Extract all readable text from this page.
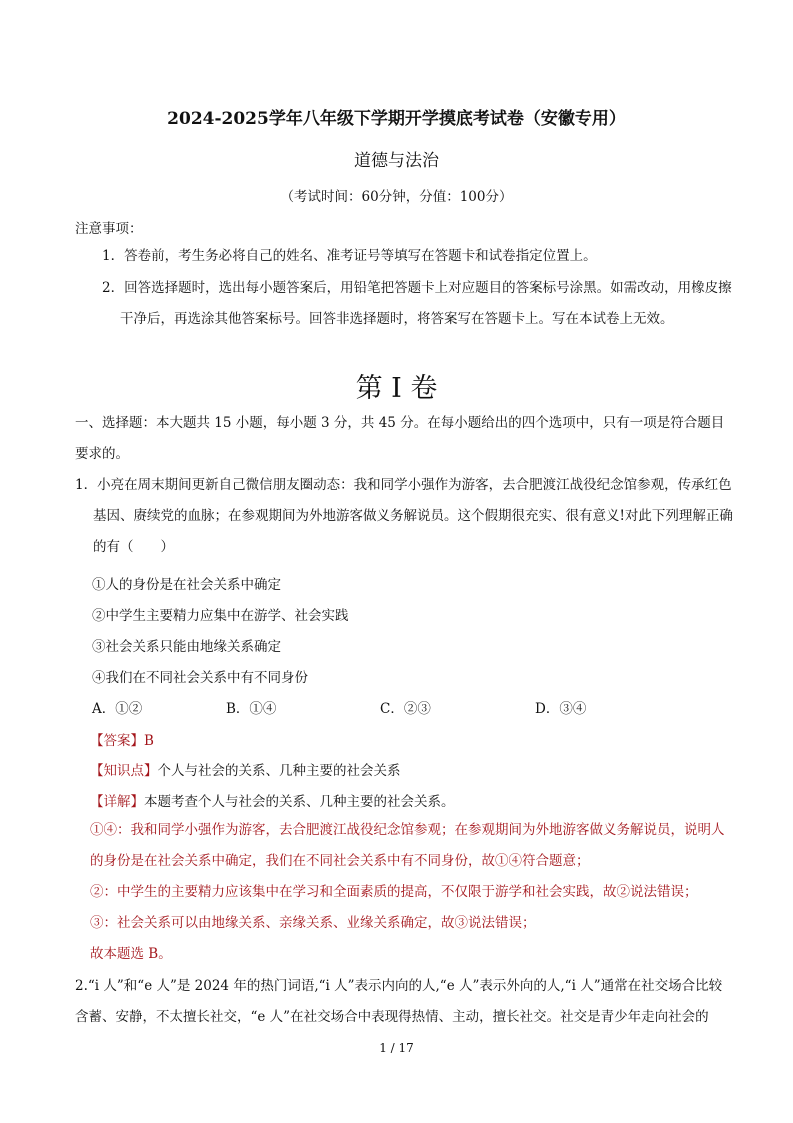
2024-2025学年八年级下学期开学摸底考试卷（安徽专用）
道德与法治
（考试时间：60分钟，分值：100分）
注意事项：
1．答卷前，考生务必将自己的姓名、准考证号等填写在答题卡和试卷指定位置上。
2．回答选择题时，选出每小题答案后，用铅笔把答题卡上对应题目的答案标号涂黑。如需改动，用橡皮擦干净后，再选涂其他答案标号。回答非选择题时，将答案写在答题卡上。写在本试卷上无效。
第 I 卷
一、选择题：本大题共 15 小题，每小题 3 分，共 45 分。在每小题给出的四个选项中，只有一项是符合题目要求的。
1．小亮在周末期间更新自己微信朋友圈动态：我和同学小强作为游客，去合肥渡江战役纪念馆参观，传承红色基因、赓续党的血脉；在参观期间为外地游客做义务解说员。这个假期很充实、很有意义!对此下列理解正确的有（　　）
①人的身份是在社会关系中确定
②中学生主要精力应集中在游学、社会实践
③社会关系只能由地缘关系确定
④我们在不同社会关系中有不同身份
A．①②	B．①④	C．②③	D．③④
【答案】B
【知识点】个人与社会的关系、几种主要的社会关系
【详解】本题考查个人与社会的关系、几种主要的社会关系。
①④：我和同学小强作为游客，去合肥渡江战役纪念馆参观；在参观期间为外地游客做义务解说员，说明人的身份是在社会关系中确定，我们在不同社会关系中有不同身份，故①④符合题意；
②：中学生的主要精力应该集中在学习和全面素质的提高，不仅限于游学和社会实践，故②说法错误；
③：社会关系可以由地缘关系、亲缘关系、业缘关系确定，故③说法错误；
故本题选 B。
2.“i 人”和“e 人”是 2024 年的热门词语,“i 人”表示内向的人,“e 人”表示外向的人,“i 人”通常在社交场合比较含蓄、安静，不太擅长社交，“e 人”在社交场合中表现得热情、主动，擅长社交。社交是青少年走向社会的
1 / 17
